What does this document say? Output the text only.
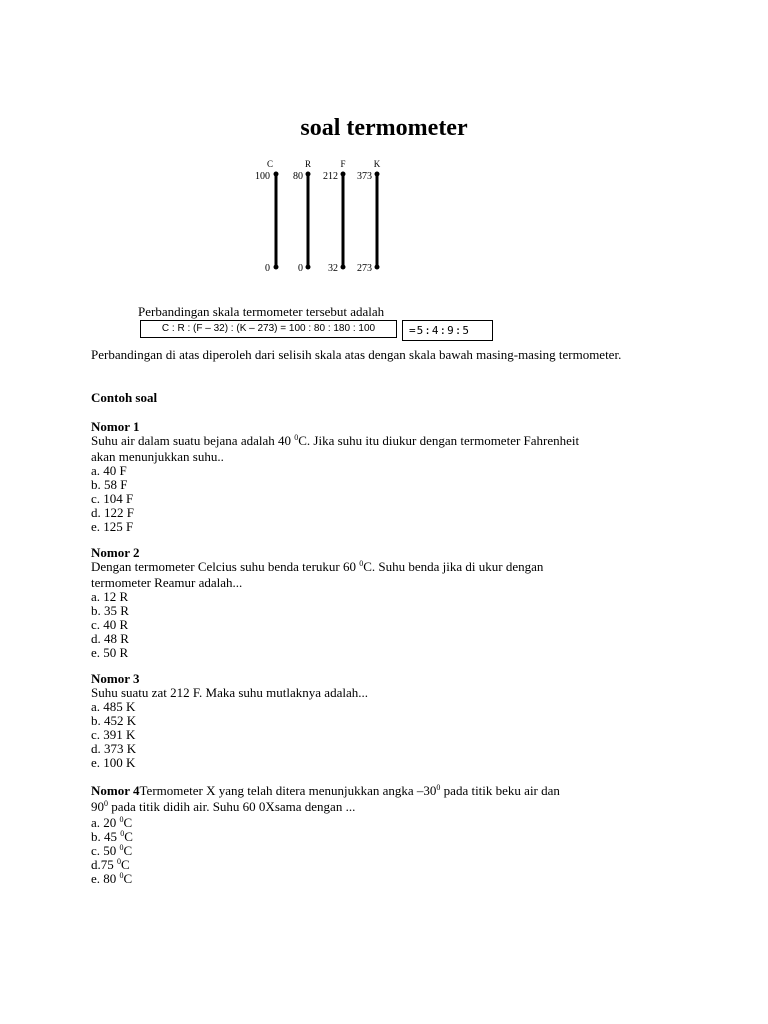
soal termometer
C
100
0
R
80
0
F
212
32
K
373
273
Perbandingan skala termometer tersebut adalah
C : R : (F – 32) : (K – 273) = 100 : 80 : 180 : 100	=5:4:9:5
Perbandingan di atas diperoleh dari selisih skala atas dengan skala bawah masing-masing termometer.
Contoh soal
Nomor 1
Suhu air dalam suatu bejana adalah 40 $^0$C. Jika suhu itu diukur dengan termometer Fahrenheit
akan menunjukkan suhu..
a. 40 F
b. 58 F
c. 104 F
d. 122 F
e. 125 F
Nomor 2
Dengan termometer Celcius suhu benda terukur 60 $^0$C. Suhu benda jika di ukur dengan
termometer Reamur adalah...
a. 12 R
b. 35 R
c. 40 R
d. 48 R
e. 50 R
Nomor 3
Suhu suatu zat 212 F. Maka suhu mutlaknya adalah...
a. 485 K
b. 452 K
c. 391 K
d. 373 K
e. 100 K
Nomor 4Termometer X yang telah ditera menunjukkan angka $-30^0$ pada titik beku air dan
$90^0$ pada titik didih air. Suhu 60 0Xsama dengan ...
a. 20 $^0$C
b. 45 $^0$C
c. 50 $^0$C
d.75 $^0$C
e. 80 $^0$C
